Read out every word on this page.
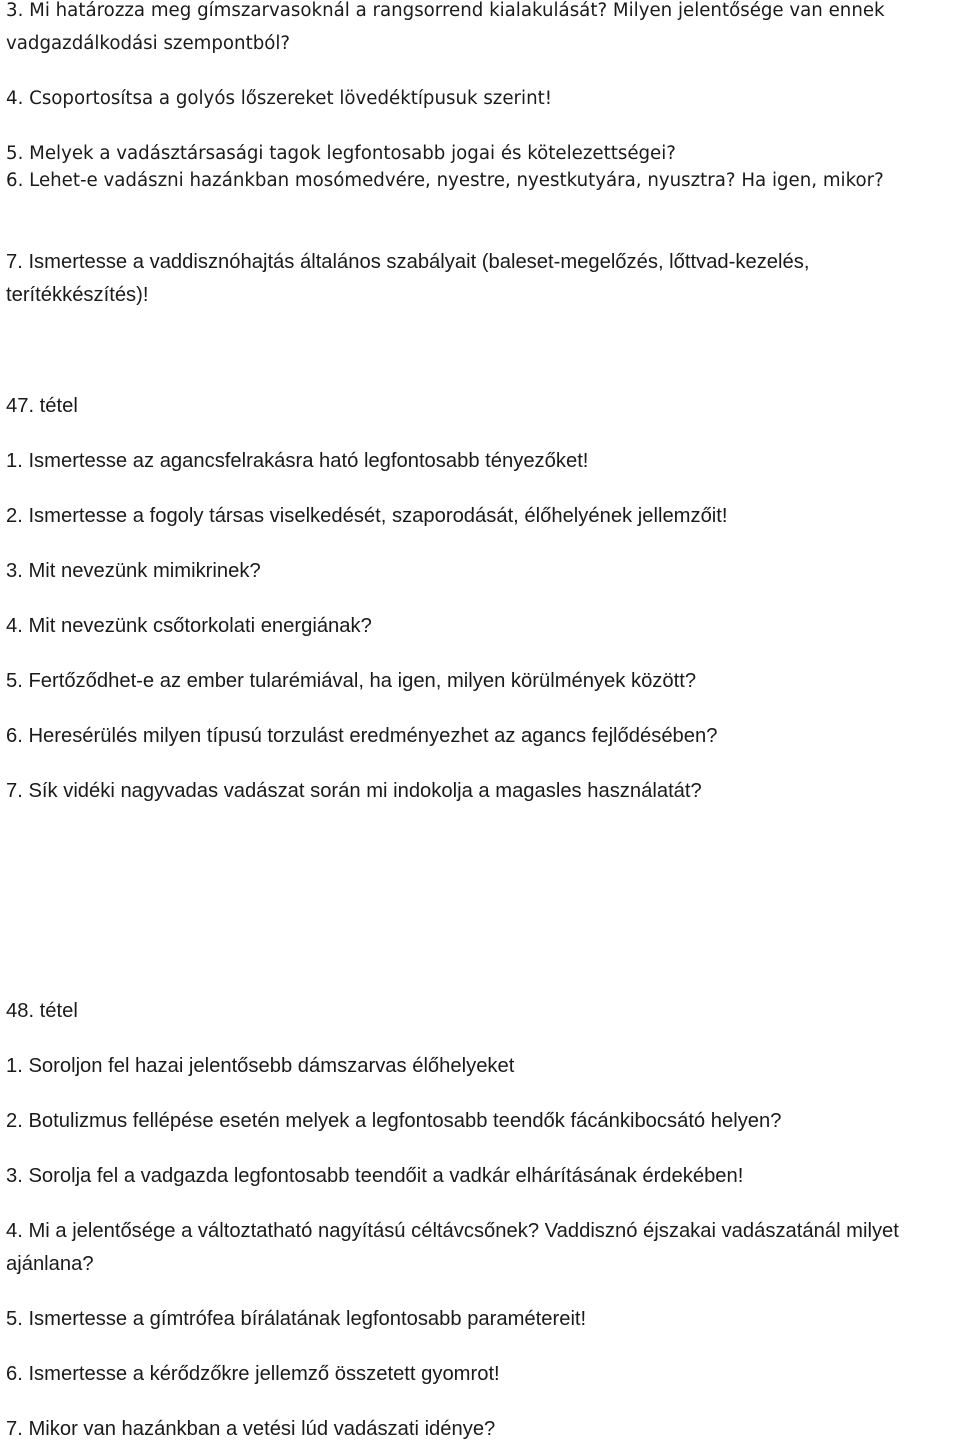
3. Mi határozza meg gímszarvasoknál a rangsorrend kialakulását? Milyen jelentősége van ennek vadgazdálkodási szempontból?

4. Csoportosítsa a golyós lőszereket lövedéktípusuk szerint!

5. Melyek a vadásztársasági tagok legfontosabb jogai és kötelezettségei?

6. Lehet-e vadászni hazánkban mosómedvére, nyestre, nyestkutyára, nyusztra? Ha igen, mikor?

7. Ismertesse a vaddisznóhajtás általános szabályait (baleset-megelőzés, lőttvad-kezelés, terítékkészítés)!

47. tétel

1. Ismertesse az agancsfelrakásra ható legfontosabb tényezőket!

2. Ismertesse a fogoly társas viselkedését, szaporodását, élőhelyének jellemzőit!

3. Mit nevezünk mimikrinek?

4. Mit nevezünk csőtorkolati energiának?

5. Fertőződhet-e az ember tularémiával, ha igen, milyen körülmények között?

6. Heresérülés milyen típusú torzulást eredményezhet az agancs fejlődésében?

7. Sík vidéki nagyvadas vadászat során mi indokolja a magasles használatát?

48. tétel

1. Soroljon fel hazai jelentősebb dámszarvas élőhelyeket

2. Botulizmus fellépése esetén melyek a legfontosabb teendők fácánkibocsátó helyen?

3. Sorolja fel a vadgazda legfontosabb teendőit a vadkár elhárításának érdekében!

4. Mi a jelentősége a változtatható nagyítású céltávcsőnek? Vaddisznó éjszakai vadászatánál milyet ajánlana?

5. Ismertesse a gímtrófea bírálatának legfontosabb paramétereit!

6. Ismertesse a kérődzőkre jellemző összetett gyomrot!

7. Mikor van hazánkban a vetési lúd vadászati idénye?
